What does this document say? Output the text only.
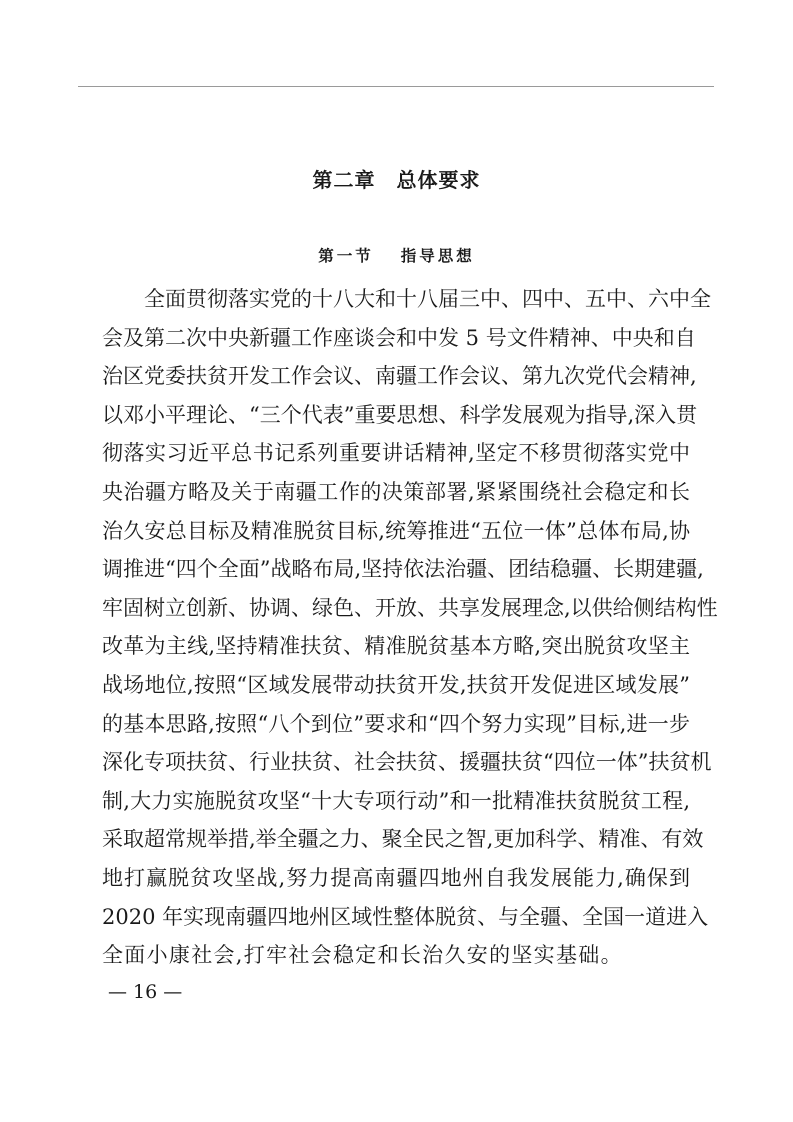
第二章　总体要求
第一节　 指导思想
全面贯彻落实党的十八大和十八届三中、四中、五中、六中全
会及第二次中央新疆工作座谈会和中发 5 号文件精神、中央和自
治区党委扶贫开发工作会议、南疆工作会议、第九次党代会精神,
以邓小平理论、“三个代表”重要思想、科学发展观为指导,深入贯
彻落实习近平总书记系列重要讲话精神,坚定不移贯彻落实党中
央治疆方略及关于南疆工作的决策部署,紧紧围绕社会稳定和长
治久安总目标及精准脱贫目标,统筹推进“五位一体”总体布局,协
调推进“四个全面”战略布局,坚持依法治疆、团结稳疆、长期建疆,
牢固树立创新、协调、绿色、开放、共享发展理念,以供给侧结构性
改革为主线,坚持精准扶贫、精准脱贫基本方略,突出脱贫攻坚主
战场地位,按照“区域发展带动扶贫开发,扶贫开发促进区域发展”
的基本思路,按照“八个到位”要求和“四个努力实现”目标,进一步
深化专项扶贫、行业扶贫、社会扶贫、援疆扶贫“四位一体”扶贫机
制,大力实施脱贫攻坚“十大专项行动”和一批精准扶贫脱贫工程,
采取超常规举措,举全疆之力、聚全民之智,更加科学、精准、有效
地打赢脱贫攻坚战,努力提高南疆四地州自我发展能力,确保到
2020 年实现南疆四地州区域性整体脱贫、与全疆、全国一道进入
全面小康社会,打牢社会稳定和长治久安的坚实基础。
— 16 —
